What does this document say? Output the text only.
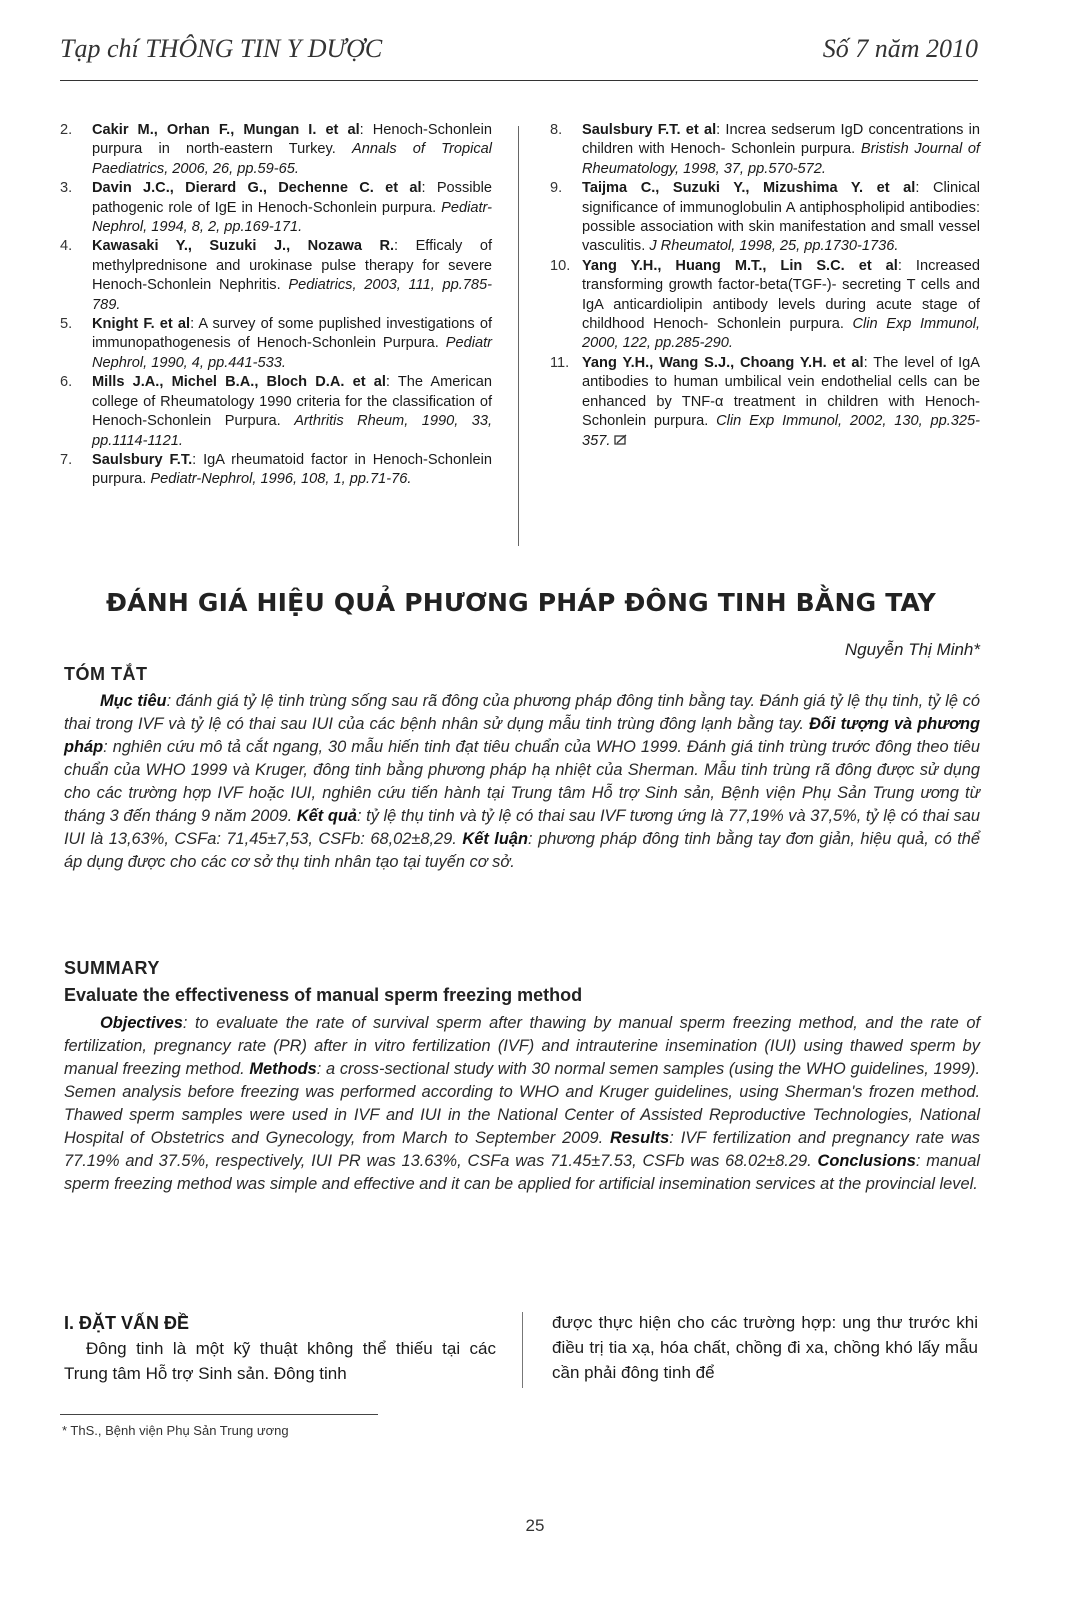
Tạp chí THÔNG TIN Y DƯỢC	Số 7 năm 2010
2. Cakir M., Orhan F., Mungan I. et al: Henoch-Schonlein purpura in north-eastern Turkey. Annals of Tropical Paediatrics, 2006, 26, pp.59-65.
3. Davin J.C., Dierard G., Dechenne C. et al: Possible pathogenic role of IgE in Henoch-Schonlein purpura. Pediatr-Nephrol, 1994, 8, 2, pp.169-171.
4. Kawasaki Y., Suzuki J., Nozawa R.: Efficaly of methylprednisone and urokinase pulse therapy for severe Henoch-Schonlein Nephritis. Pediatrics, 2003, 111, pp.785-789.
5. Knight F. et al: A survey of some puplished investigations of immunopathogenesis of Henoch-Schonlein Purpura. Pediatr Nephrol, 1990, 4, pp.441-533.
6. Mills J.A., Michel B.A., Bloch D.A. et al: The American college of Rheumatology 1990 criteria for the classification of Henoch-Schonlein Purpura. Arthritis Rheum, 1990, 33, pp.1114-1121.
7. Saulsbury F.T.: IgA rheumatoid factor in Henoch-Schonlein purpura. Pediatr-Nephrol, 1996, 108, 1, pp.71-76.
8. Saulsbury F.T. et al: Increa sedserum IgD concentrations in children with Henoch- Schonlein purpura. Bristish Journal of Rheumatology, 1998, 37, pp.570-572.
9. Taijma C., Suzuki Y., Mizushima Y. et al: Clinical significance of immunoglobulin A antiphospholipid antibodies: possible association with skin manifestation and small vessel vasculitis. J Rheumatol, 1998, 25, pp.1730-1736.
10. Yang Y.H., Huang M.T., Lin S.C. et al: Increased transforming growth factor-beta(TGF-)- secreting T cells and IgA anticardiolipin antibody levels during acute stage of childhood Henoch- Schonlein purpura. Clin Exp Immunol, 2000, 122, pp.285-290.
11. Yang Y.H., Wang S.J., Choang Y.H. et al: The level of IgA antibodies to human umbilical vein endothelial cells can be enhanced by TNF-α treatment in children with Henoch-Schonlein purpura. Clin Exp Immunol, 2002, 130, pp.325-357.
ĐÁNH GIÁ HIỆU QUẢ PHƯƠNG PHÁP ĐÔNG TINH BẰNG TAY
Nguyễn Thị Minh*
TÓM TẮT

Mục tiêu: đánh giá tỷ lệ tinh trùng sống sau rã đông của phương pháp đông tinh bằng tay. Đánh giá tỷ lệ thụ tinh, tỷ lệ có thai trong IVF và tỷ lệ có thai sau IUI của các bệnh nhân sử dụng mẫu tinh trùng đông lạnh bằng tay. Đối tượng và phương pháp: nghiên cứu mô tả cắt ngang, 30 mẫu hiến tinh đạt tiêu chuẩn của WHO 1999. Đánh giá tinh trùng trước đông theo tiêu chuẩn của WHO 1999 và Kruger, đông tinh bằng phương pháp hạ nhiệt của Sherman. Mẫu tinh trùng rã đông được sử dụng cho các trường hợp IVF hoặc IUI, nghiên cứu tiến hành tại Trung tâm Hỗ trợ Sinh sản, Bệnh viện Phụ Sản Trung ương từ tháng 3 đến tháng 9 năm 2009. Kết quả: tỷ lệ thụ tinh và tỷ lệ có thai sau IVF tương ứng là 77,19% và 37,5%, tỷ lệ có thai sau IUI là 13,63%, CSFa: 71,45±7,53, CSFb: 68,02±8,29. Kết luận: phương pháp đông tinh bằng tay đơn giản, hiệu quả, có thể áp dụng được cho các cơ sở thụ tinh nhân tạo tại tuyến cơ sở.

SUMMARY
Evaluate the effectiveness of manual sperm freezing method

Objectives: to evaluate the rate of survival sperm after thawing by manual sperm freezing method, and the rate of fertilization, pregnancy rate (PR) after in vitro fertilization (IVF) and intrauterine insemination (IUI) using thawed sperm by manual freezing method. Methods: a cross-sectional study with 30 normal semen samples (using the WHO guidelines, 1999). Semen analysis before freezing was performed according to WHO and Kruger guidelines, using Sherman's frozen method. Thawed sperm samples were used in IVF and IUI in the National Center of Assisted Reproductive Technologies, National Hospital of Obstetrics and Gynecology, from March to September 2009. Results: IVF fertilization and pregnancy rate was 77.19% and 37.5%, respectively, IUI PR was 13.63%, CSFa was 71.45±7.53, CSFb was 68.02±8.29. Conclusions: manual sperm freezing method was simple and effective and it can be applied for artificial insemination services at the provincial level.

I. ĐẶT VẤN ĐỀ

Đông tinh là một kỹ thuật không thể thiếu tại các Trung tâm Hỗ trợ Sinh sản. Đông tinh

được thực hiện cho các trường hợp: ung thư trước khi điều trị tia xạ, hóa chất, chồng đi xa, chồng khó lấy mẫu cần phải đông tinh để

* ThS., Bệnh viện Phụ Sản Trung ương
25
